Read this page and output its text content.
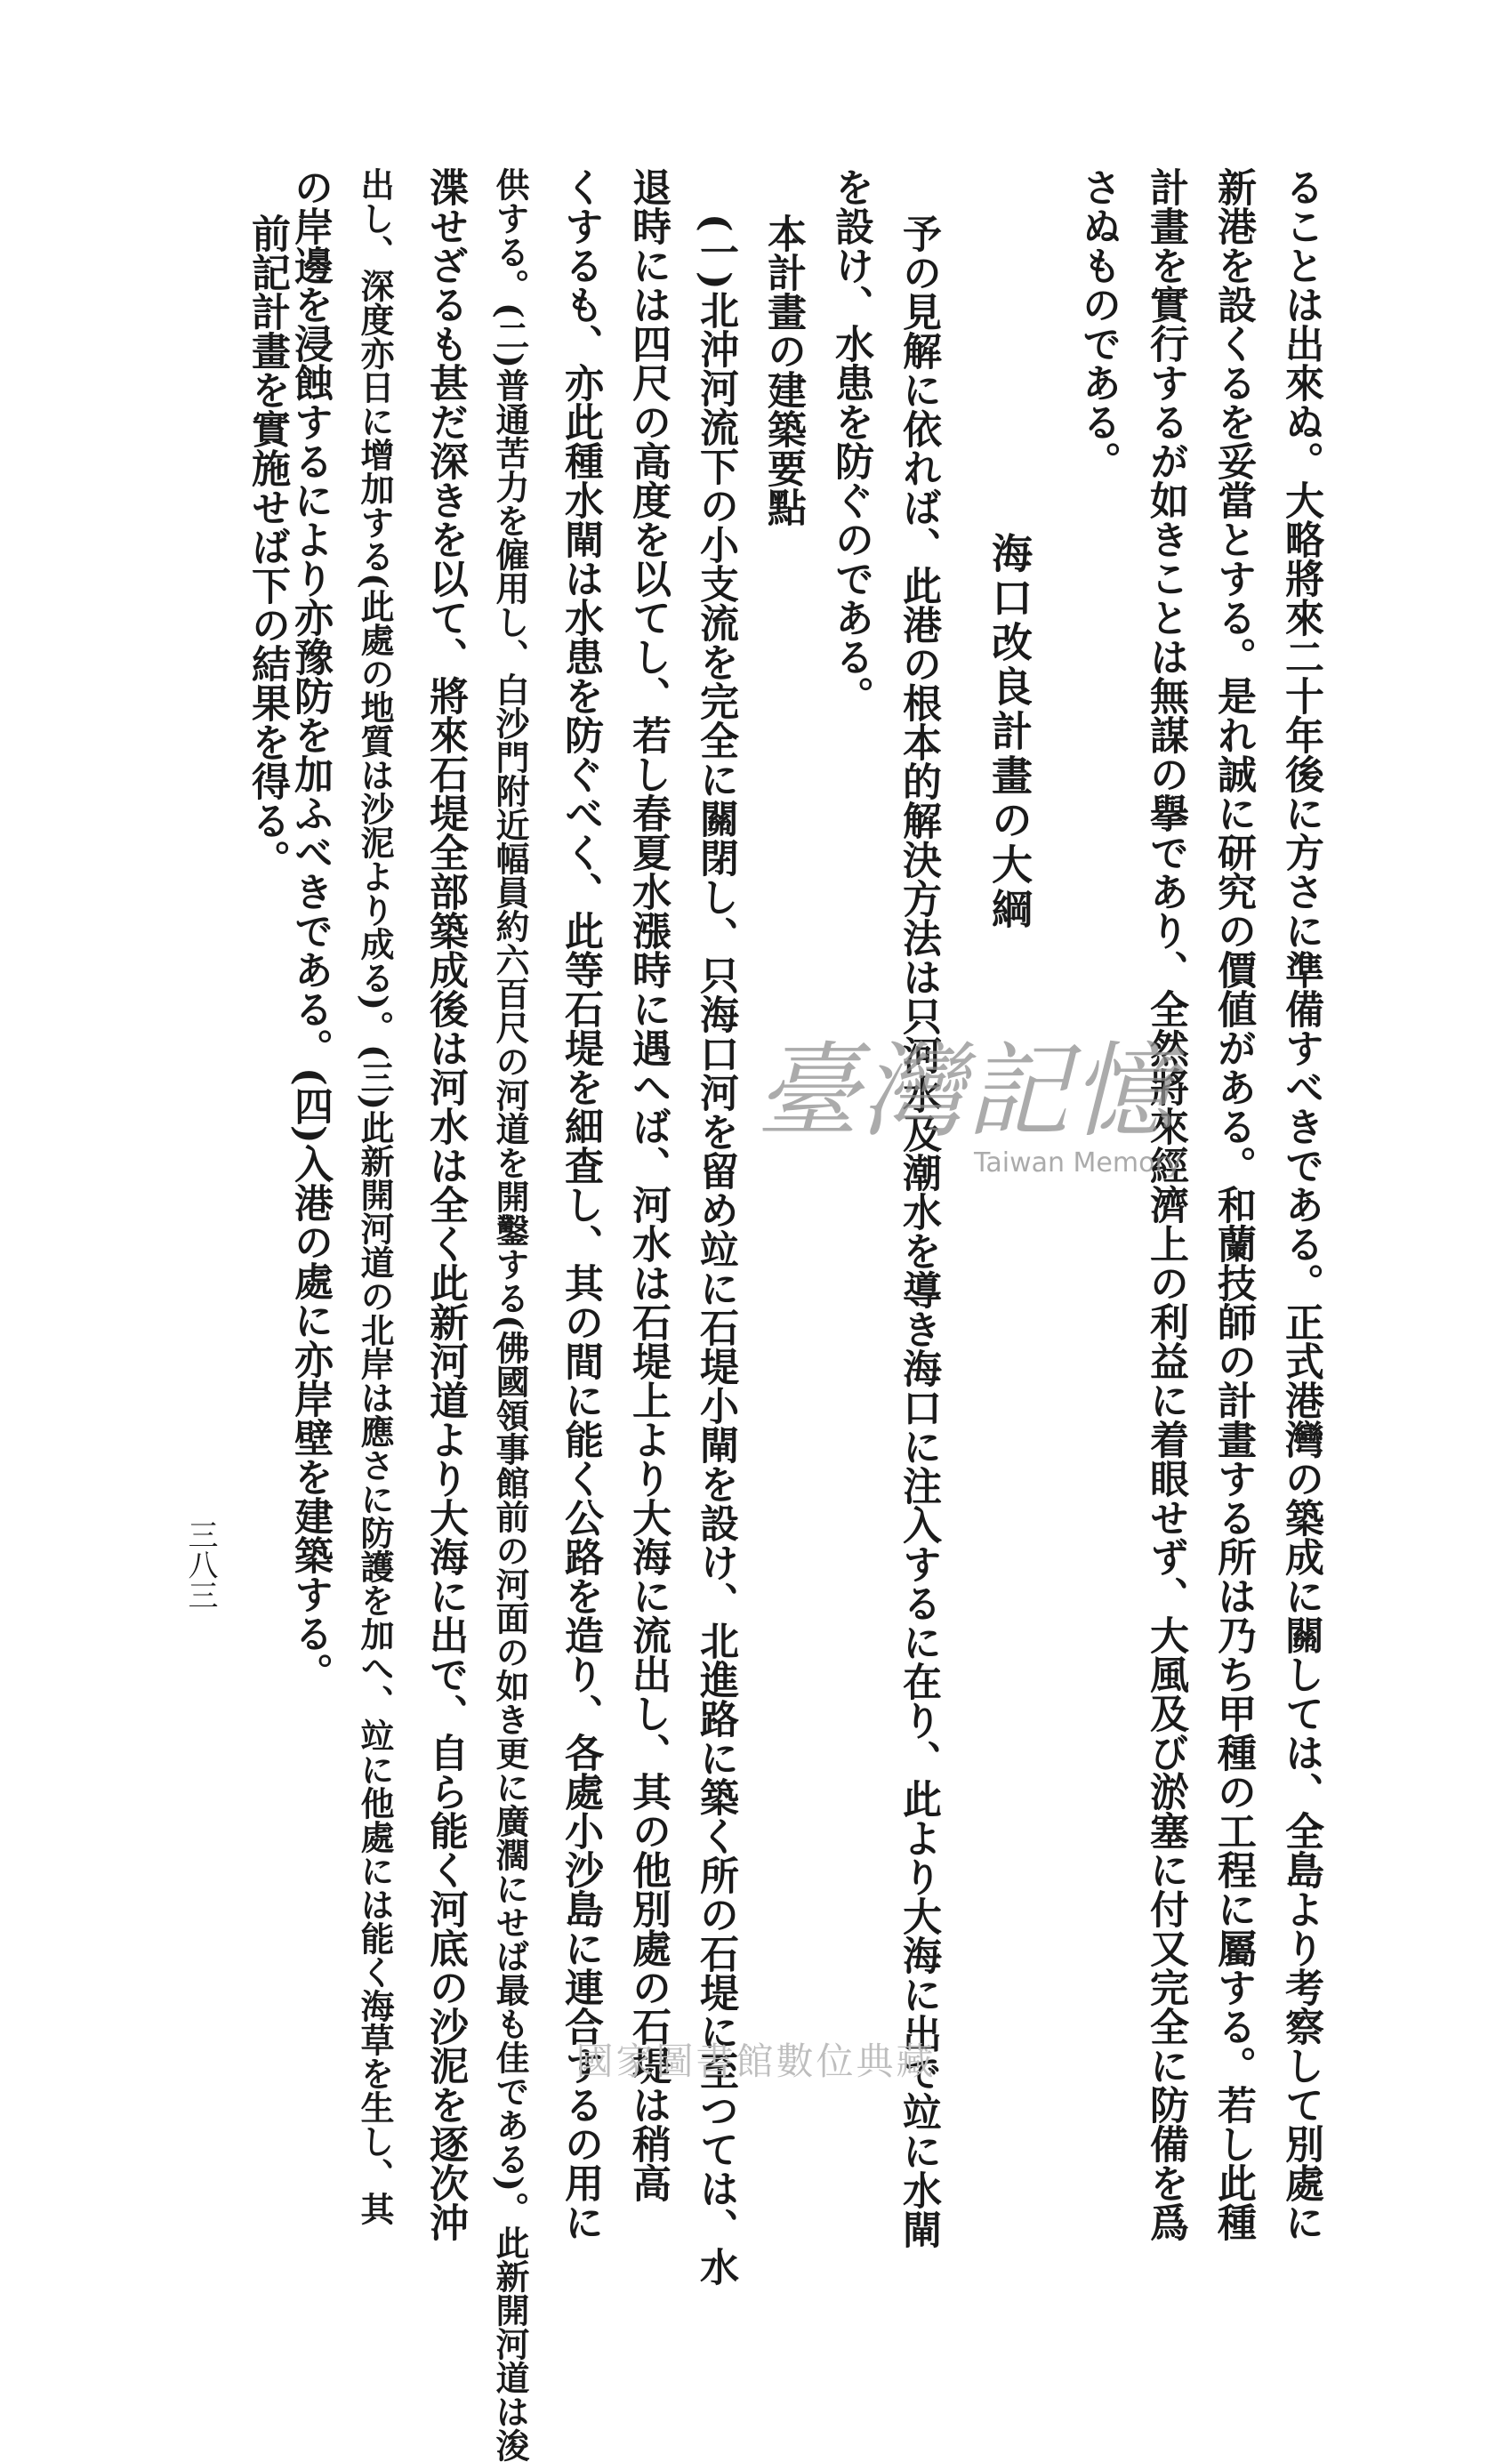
ることは出來ぬ。大略將來二十年後に方さに準備すべきである。正式港灣の築成に關しては、全島より考察して別處に
新港を設くるを妥當とする。是れ誠に研究の價値がある。和蘭技師の計畫する所は乃ち甲種の工程に屬する。若し此種
計畫を實行するが如きことは無謀の擧であり、全然將來經濟上の利益に着眼せず、大風及び淤塞に付又完全に防備を爲
さぬものである。
海口改良計畫の大綱
予の見解に依れば、此港の根本的解決方法は只河水及潮水を導き海口に注入するに在り、此より大海に出で竝に水閘
を設け、水患を防ぐのである。
本計畫の建築要點
(一)北沖河流下の小支流を完全に關閉し、只海口河を留め竝に石堤小閘を設け、北進路に築く所の石堤に至つては、水
退時には四尺の高度を以てし、若し春夏水漲時に遇へば、河水は石堤上より大海に流出し、其の他別處の石堤は稍高
くするも、亦此種水閘は水患を防ぐべく、此等石堤を細査し、其の間に能く公路を造り、各處小沙島に連合するの用に
供する。(二)普通苦力を僱用し、白沙門附近幅員約六百尺の河道を開鑿する(佛國領事館前の河面の如き更に廣濶にせば最も佳である)。此新開河道は浚
渫せざるも甚だ深きを以て、將來石堤全部築成後は河水は全く此新河道より大海に出で、自ら能く河底の沙泥を逐次沖
出し、深度亦日に增加する(此處の地質は沙泥より成る)。(三)此新開河道の北岸は應さに防護を加へ、竝に他處には能く海草を生し、其
の岸邊を浸蝕するにより亦豫防を加ふべきである。(四)入港の處に亦岸壁を建築する。
前記計畫を實施せば下の結果を得る。
三八三
臺灣記憶
Taiwan Memory
國家圖書館數位典藏
